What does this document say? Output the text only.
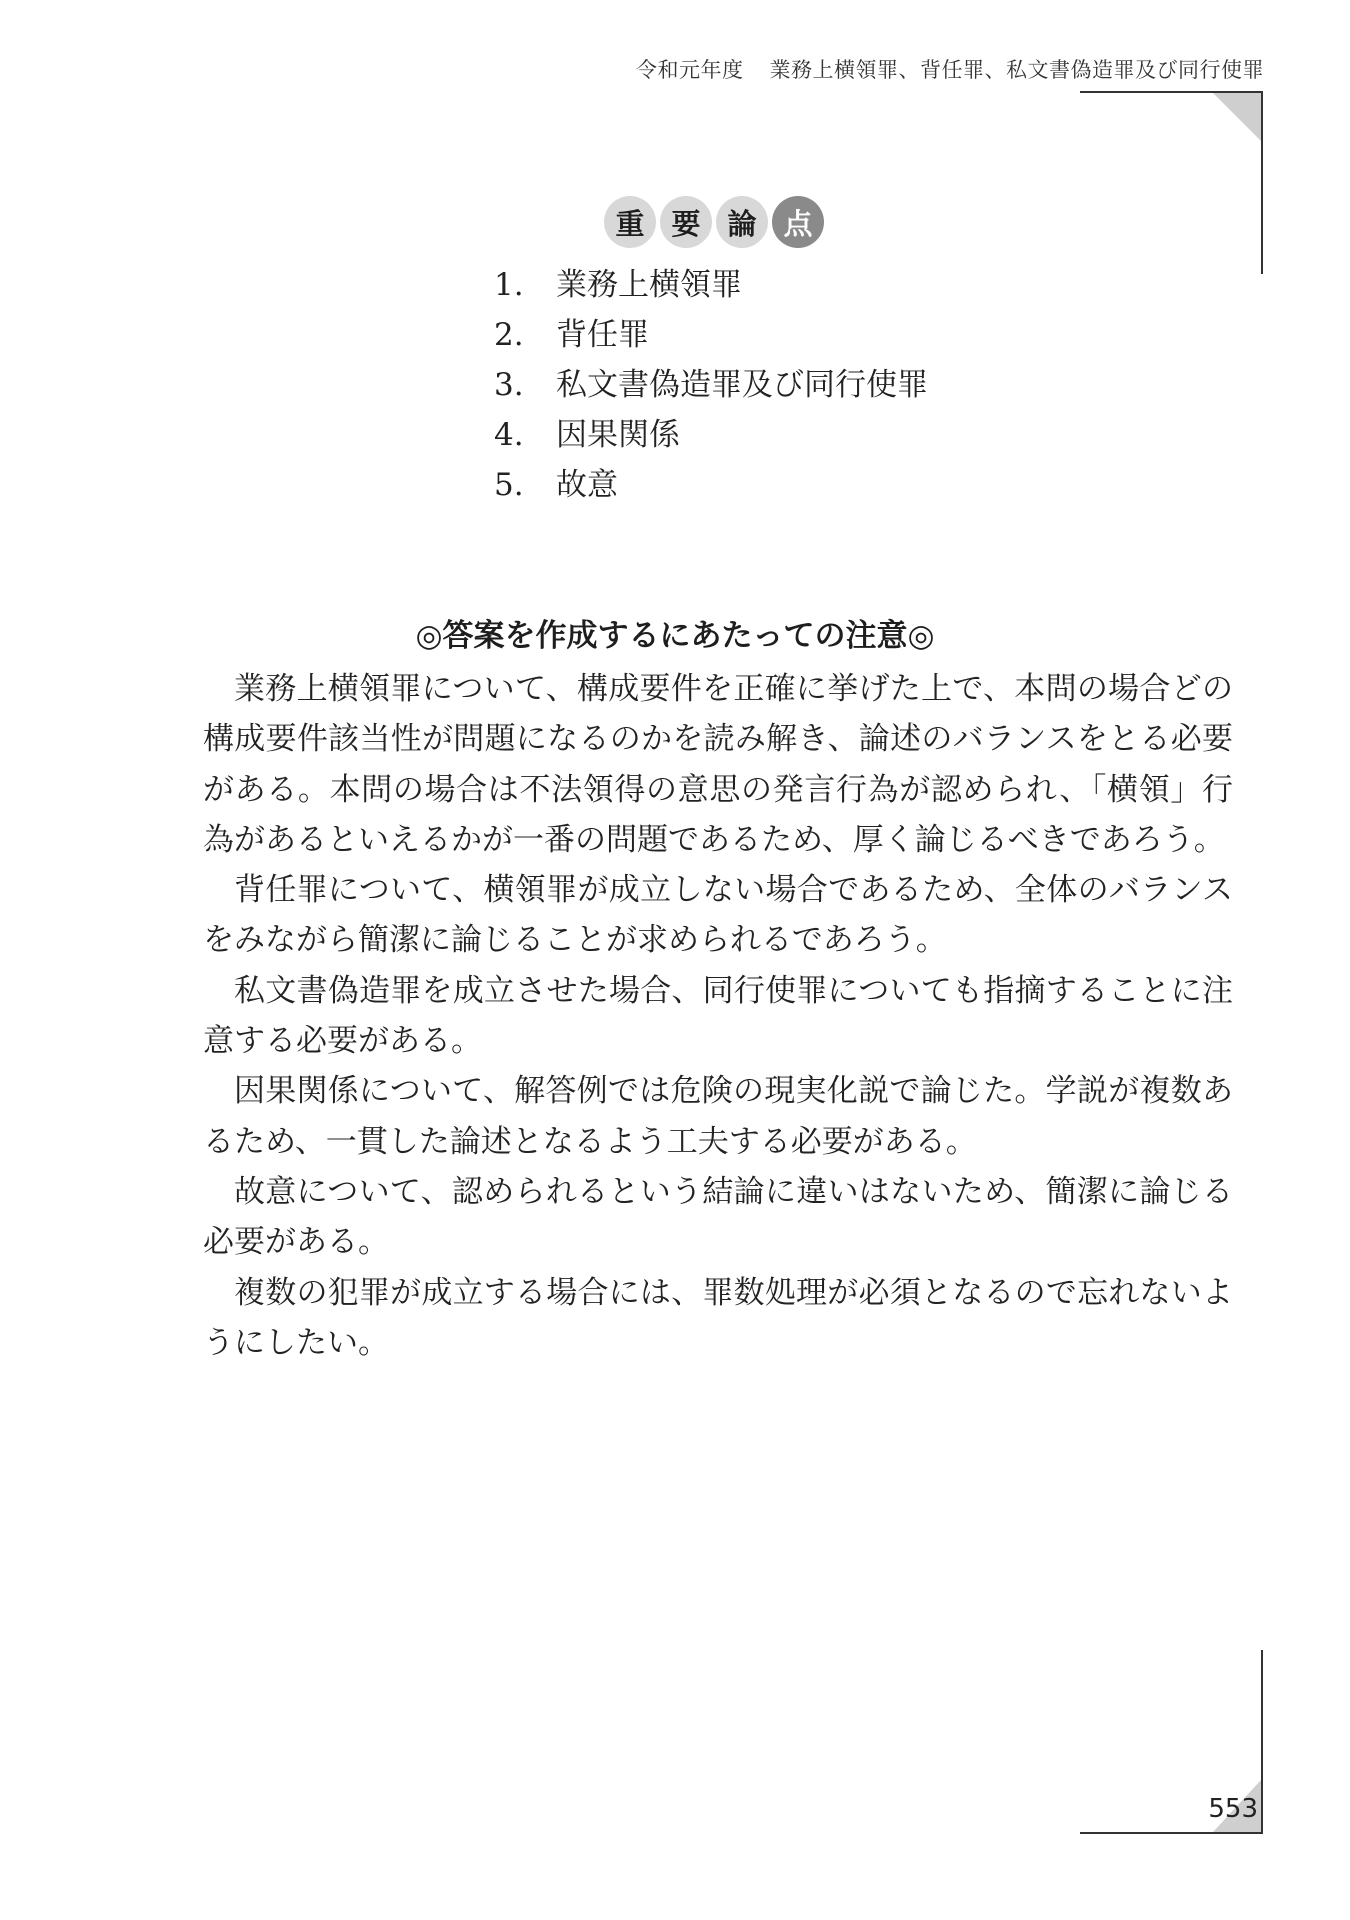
令和元年度 業務上横領罪、背任罪、私文書偽造罪及び同行使罪
重 要 論 点
1. 業務上横領罪
2. 背任罪
3. 私文書偽造罪及び同行使罪
4. 因果関係
5. 故意
◎答案を作成するにあたっての注意◎

業務上横領罪について、構成要件を正確に挙げた上で、本問の場合どの構成要件該当性が問題になるのかを読み解き、論述のバランスをとる必要がある。本問の場合は不法領得の意思の発言行為が認められ、「横領」行為があるといえるかが一番の問題であるため、厚く論じるべきであろう。

背任罪について、横領罪が成立しない場合であるため、全体のバランスをみながら簡潔に論じることが求められるであろう。

私文書偽造罪を成立させた場合、同行使罪についても指摘することに注意する必要がある。

因果関係について、解答例では危険の現実化説で論じた。学説が複数あるため、一貫した論述となるよう工夫する必要がある。

故意について、認められるという結論に違いはないため、簡潔に論じる必要がある。

複数の犯罪が成立する場合には、罪数処理が必須となるので忘れないようにしたい。

553
